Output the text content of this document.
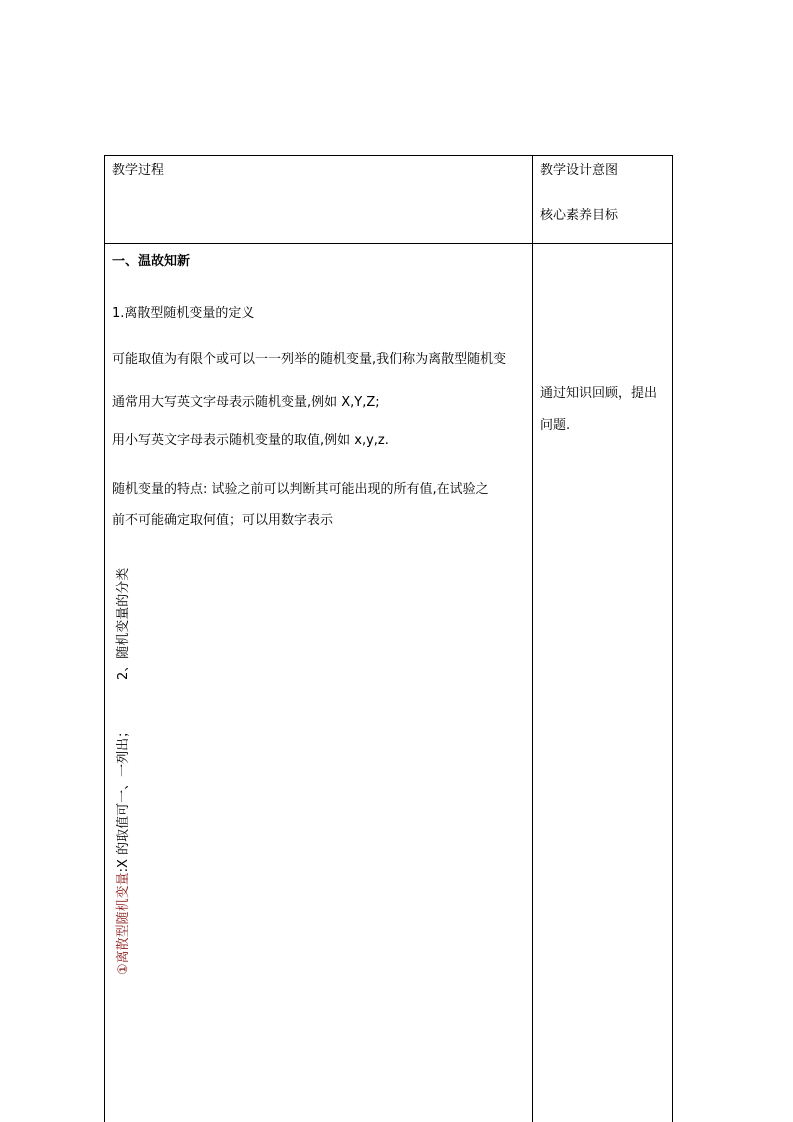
教学过程	教学设计意图
核心素养目标
一、温故知新
1.离散型随机变量的定义
可能取值为有限个或可以一一列举的随机变量,我们称为离散型随机变
通常用大写英文字母表示随机变量,例如 X,Y,Z;
用小写英文字母表示随机变量的取值,例如 x,y,z.
随机变量的特点: 试验之前可以判断其可能出现的所有值,在试验之
前不可能确定取何值；可以用数字表示
2、随机变量的分类
①离散型随机变量:X 的取值可一、一列出；
通过知识回顾，提出
问题.
